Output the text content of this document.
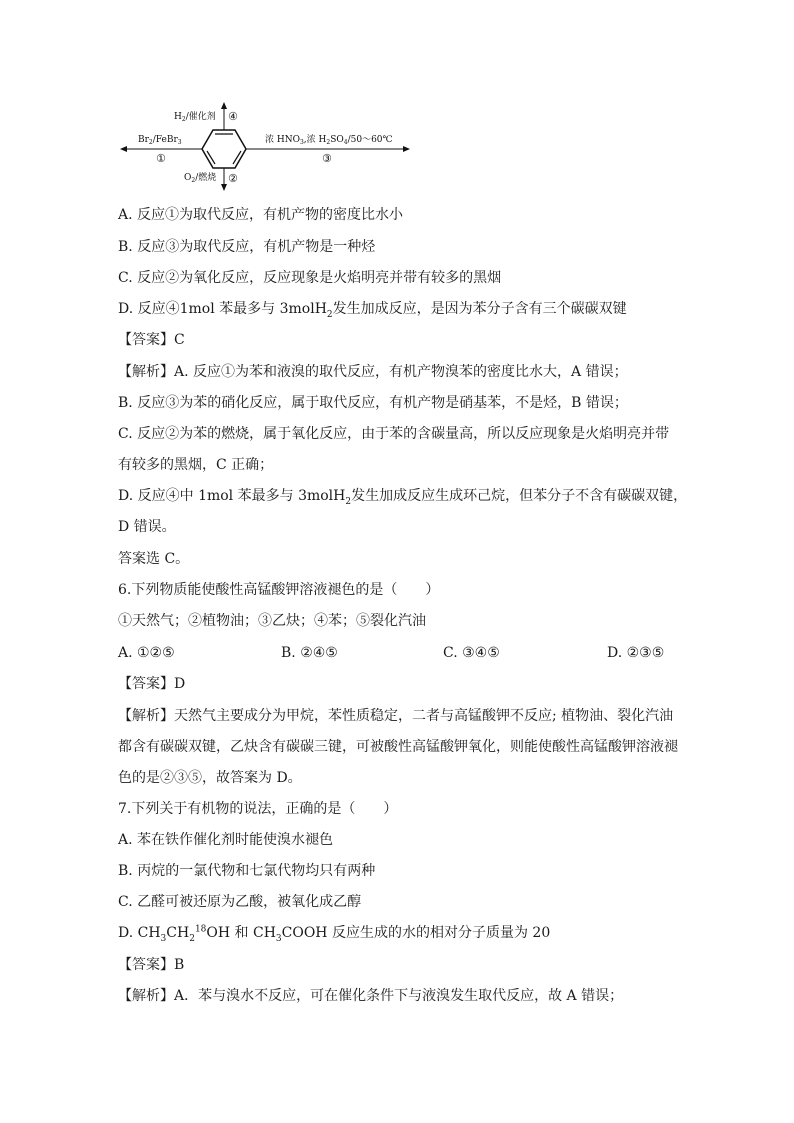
$H_2/$催化剂 ④
$Br_2/FeBr_3$
①
$O_2/$燃烧 ②
浓 $HNO_3$,浓 $H_2SO_4/50\sim 60℃$
③
A. 反应①为取代反应，有机产物的密度比水小
B. 反应③为取代反应，有机产物是一种烃
C. 反应②为氧化反应，反应现象是火焰明亮并带有较多的黑烟
D. 反应④1mol 苯最多与 3molH$_2$发生加成反应，是因为苯分子含有三个碳碳双键
【答案】C
【解析】A. 反应①为苯和液溴的取代反应，有机产物溴苯的密度比水大，A 错误；
B. 反应③为苯的硝化反应，属于取代反应，有机产物是硝基苯，不是烃，B 错误；
C. 反应②为苯的燃烧，属于氧化反应，由于苯的含碳量高，所以反应现象是火焰明亮并带
有较多的黑烟，C 正确；
D. 反应④中 1mol 苯最多与 3molH$_2$发生加成反应生成环己烷，但苯分子不含有碳碳双键，
D 错误。
答案选 C。
6.下列物质能使酸性高锰酸钾溶液褪色的是（　　）
①天然气；②植物油；③乙炔；④苯；⑤裂化汽油
A. ①②⑤	B. ②④⑤	C. ③④⑤	D. ②③⑤
【答案】D
【解析】天然气主要成分为甲烷，苯性质稳定，二者与高锰酸钾不反应; 植物油、裂化汽油
都含有碳碳双键，乙炔含有碳碳三键，可被酸性高锰酸钾氧化，则能使酸性高锰酸钾溶液褪
色的是②③⑤，故答案为 D。
7.下列关于有机物的说法，正确的是（　　）
A. 苯在铁作催化剂时能使溴水褪色
B. 丙烷的一氯代物和七氯代物均只有两种
C. 乙醛可被还原为乙酸，被氧化成乙醇
D. $CH_3CH_2^{18}OH$ 和 $CH_3COOH$ 反应生成的水的相对分子质量为 20
【答案】B
【解析】A．苯与溴水不反应，可在催化条件下与液溴发生取代反应，故 A 错误；
